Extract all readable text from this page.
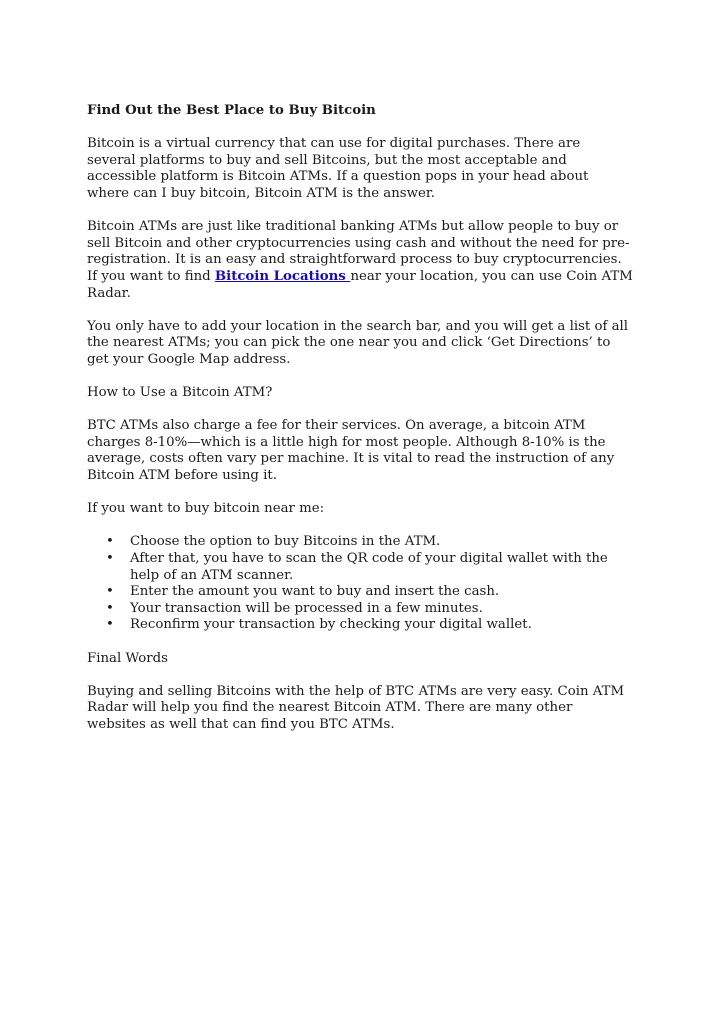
Find Out the Best Place to Buy Bitcoin

Bitcoin is a virtual currency that can use for digital purchases. There are several platforms to buy and sell Bitcoins, but the most acceptable and accessible platform is Bitcoin ATMs. If a question pops in your head about where can I buy bitcoin, Bitcoin ATM is the answer.

Bitcoin ATMs are just like traditional banking ATMs but allow people to buy or sell Bitcoin and other cryptocurrencies using cash and without the need for pre-registration. It is an easy and straightforward process to buy cryptocurrencies. If you want to find Bitcoin Locations near your location, you can use Coin ATM Radar.

You only have to add your location in the search bar, and you will get a list of all the nearest ATMs; you can pick the one near you and click ‘Get Directions’ to get your Google Map address.

How to Use a Bitcoin ATM?

BTC ATMs also charge a fee for their services. On average, a bitcoin ATM charges 8-10%—which is a little high for most people. Although 8-10% is the average, costs often vary per machine. It is vital to read the instruction of any Bitcoin ATM before using it.

If you want to buy bitcoin near me:

• Choose the option to buy Bitcoins in the ATM.
• After that, you have to scan the QR code of your digital wallet with the help of an ATM scanner.
• Enter the amount you want to buy and insert the cash.
• Your transaction will be processed in a few minutes.
• Reconfirm your transaction by checking your digital wallet.

Final Words

Buying and selling Bitcoins with the help of BTC ATMs are very easy. Coin ATM Radar will help you find the nearest Bitcoin ATM. There are many other websites as well that can find you BTC ATMs.
